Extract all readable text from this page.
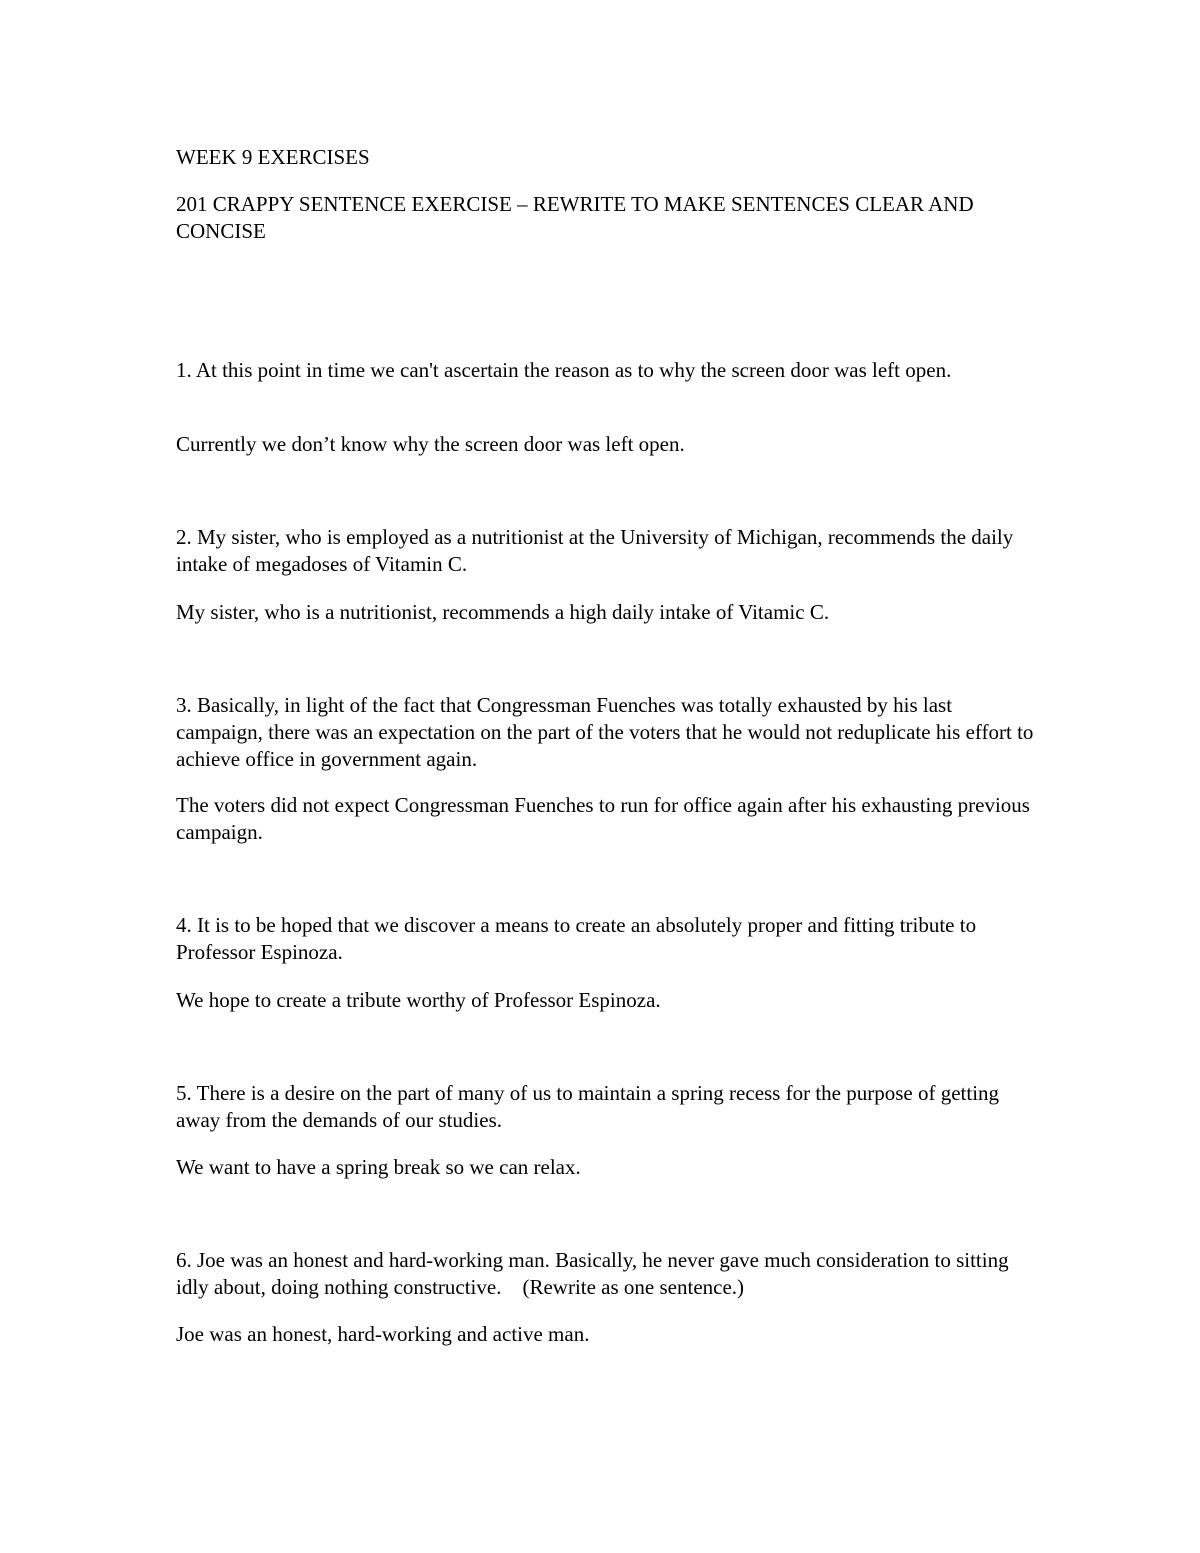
WEEK 9 EXERCISES

201 CRAPPY SENTENCE EXERCISE – REWRITE TO MAKE SENTENCES CLEAR AND CONCISE

1. At this point in time we can't ascertain the reason as to why the screen door was left open.

Currently we don’t know why the screen door was left open.

2. My sister, who is employed as a nutritionist at the University of Michigan, recommends the daily intake of megadoses of Vitamin C.

My sister, who is a nutritionist, recommends a high daily intake of Vitamic C.

3. Basically, in light of the fact that Congressman Fuenches was totally exhausted by his last campaign, there was an expectation on the part of the voters that he would not reduplicate his effort to achieve office in government again.

The voters did not expect Congressman Fuenches to run for office again after his exhausting previous campaign.

4. It is to be hoped that we discover a means to create an absolutely proper and fitting tribute to Professor Espinoza.

We hope to create a tribute worthy of Professor Espinoza.

5. There is a desire on the part of many of us to maintain a spring recess for the purpose of getting away from the demands of our studies.

We want to have a spring break so we can relax.

6. Joe was an honest and hard-working man. Basically, he never gave much consideration to sitting idly about, doing nothing constructive.    (Rewrite as one sentence.)

Joe was an honest, hard-working and active man.
